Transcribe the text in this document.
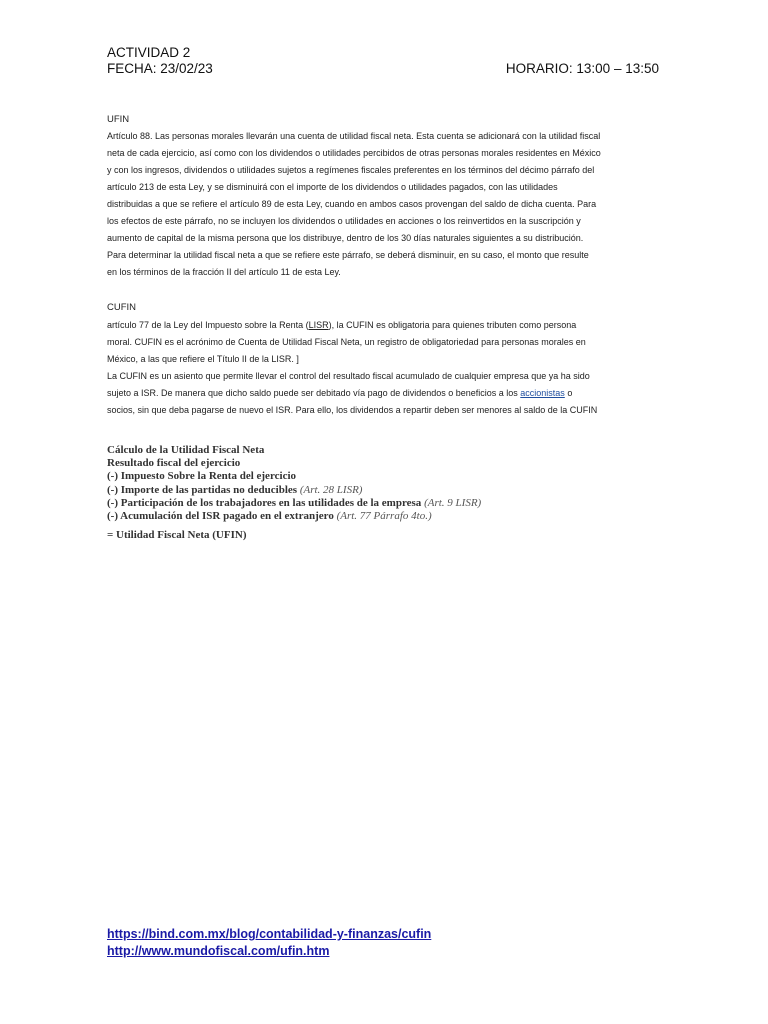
ACTIVIDAD 2
FECHA: 23/02/23	HORARIO: 13:00 – 13:50
UFIN

Artículo 88. Las personas morales llevarán una cuenta de utilidad fiscal neta. Esta cuenta se adicionará con la utilidad fiscal
neta de cada ejercicio, así como con los dividendos o utilidades percibidos de otras personas morales residentes en México
y con los ingresos, dividendos o utilidades sujetos a regímenes fiscales preferentes en los términos del décimo párrafo del
artículo 213 de esta Ley, y se disminuirá con el importe de los dividendos o utilidades pagados, con las utilidades
distribuidas a que se refiere el artículo 89 de esta Ley, cuando en ambos casos provengan del saldo de dicha cuenta. Para
los efectos de este párrafo, no se incluyen los dividendos o utilidades en acciones o los reinvertidos en la suscripción y
aumento de capital de la misma persona que los distribuye, dentro de los 30 días naturales siguientes a su distribución.
Para determinar la utilidad fiscal neta a que se refiere este párrafo, se deberá disminuir, en su caso, el monto que resulte
en los términos de la fracción II del artículo 11 de esta Ley.

CUFIN

artículo 77 de la Ley del Impuesto sobre la Renta (LISR), la CUFIN es obligatoria para quienes tributen como persona
moral. CUFIN es el acrónimo de Cuenta de Utilidad Fiscal Neta, un registro de obligatoriedad para personas morales en
México, a las que refiere el Título II de la LISR. ]
La CUFIN es un asiento que permite llevar el control del resultado fiscal acumulado de cualquier empresa que ya ha sido
sujeto a ISR. De manera que dicho saldo puede ser debitado vía pago de dividendos o beneficios a los accionistas o
socios, sin que deba pagarse de nuevo el ISR. Para ello, los dividendos a repartir deben ser menores al saldo de la CUFIN

Cálculo de la Utilidad Fiscal Neta
Resultado fiscal del ejercicio
(-) Impuesto Sobre la Renta del ejercicio
(-) Importe de las partidas no deducibles (Art. 28 LISR)
(-) Participación de los trabajadores en las utilidades de la empresa (Art. 9 LISR)
(-) Acumulación del ISR pagado en el extranjero (Art. 77 Párrafo 4to.)
= Utilidad Fiscal Neta (UFIN)
https://bind.com.mx/blog/contabilidad-y-finanzas/cufin
http://www.mundofiscal.com/ufin.htm
